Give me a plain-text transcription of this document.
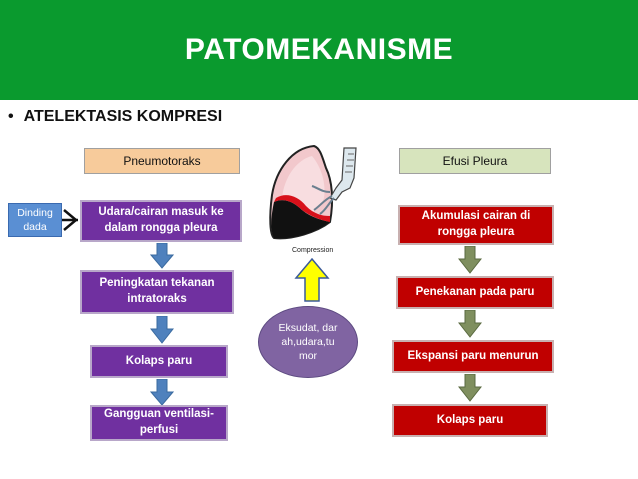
PATOMEKANISME
• ATELEKTASIS KOMPRESI
Pneumotoraks
Dinding dada
Udara/cairan masuk ke dalam rongga pleura
Peningkatan tekanan intratoraks
Kolaps paru
Gangguan ventilasi-perfusi
Compression
Eksudat, dar ah,udara,tu mor
Efusi Pleura
Akumulasi cairan di rongga pleura
Penekanan pada paru
Ekspansi paru menurun
Kolaps paru
